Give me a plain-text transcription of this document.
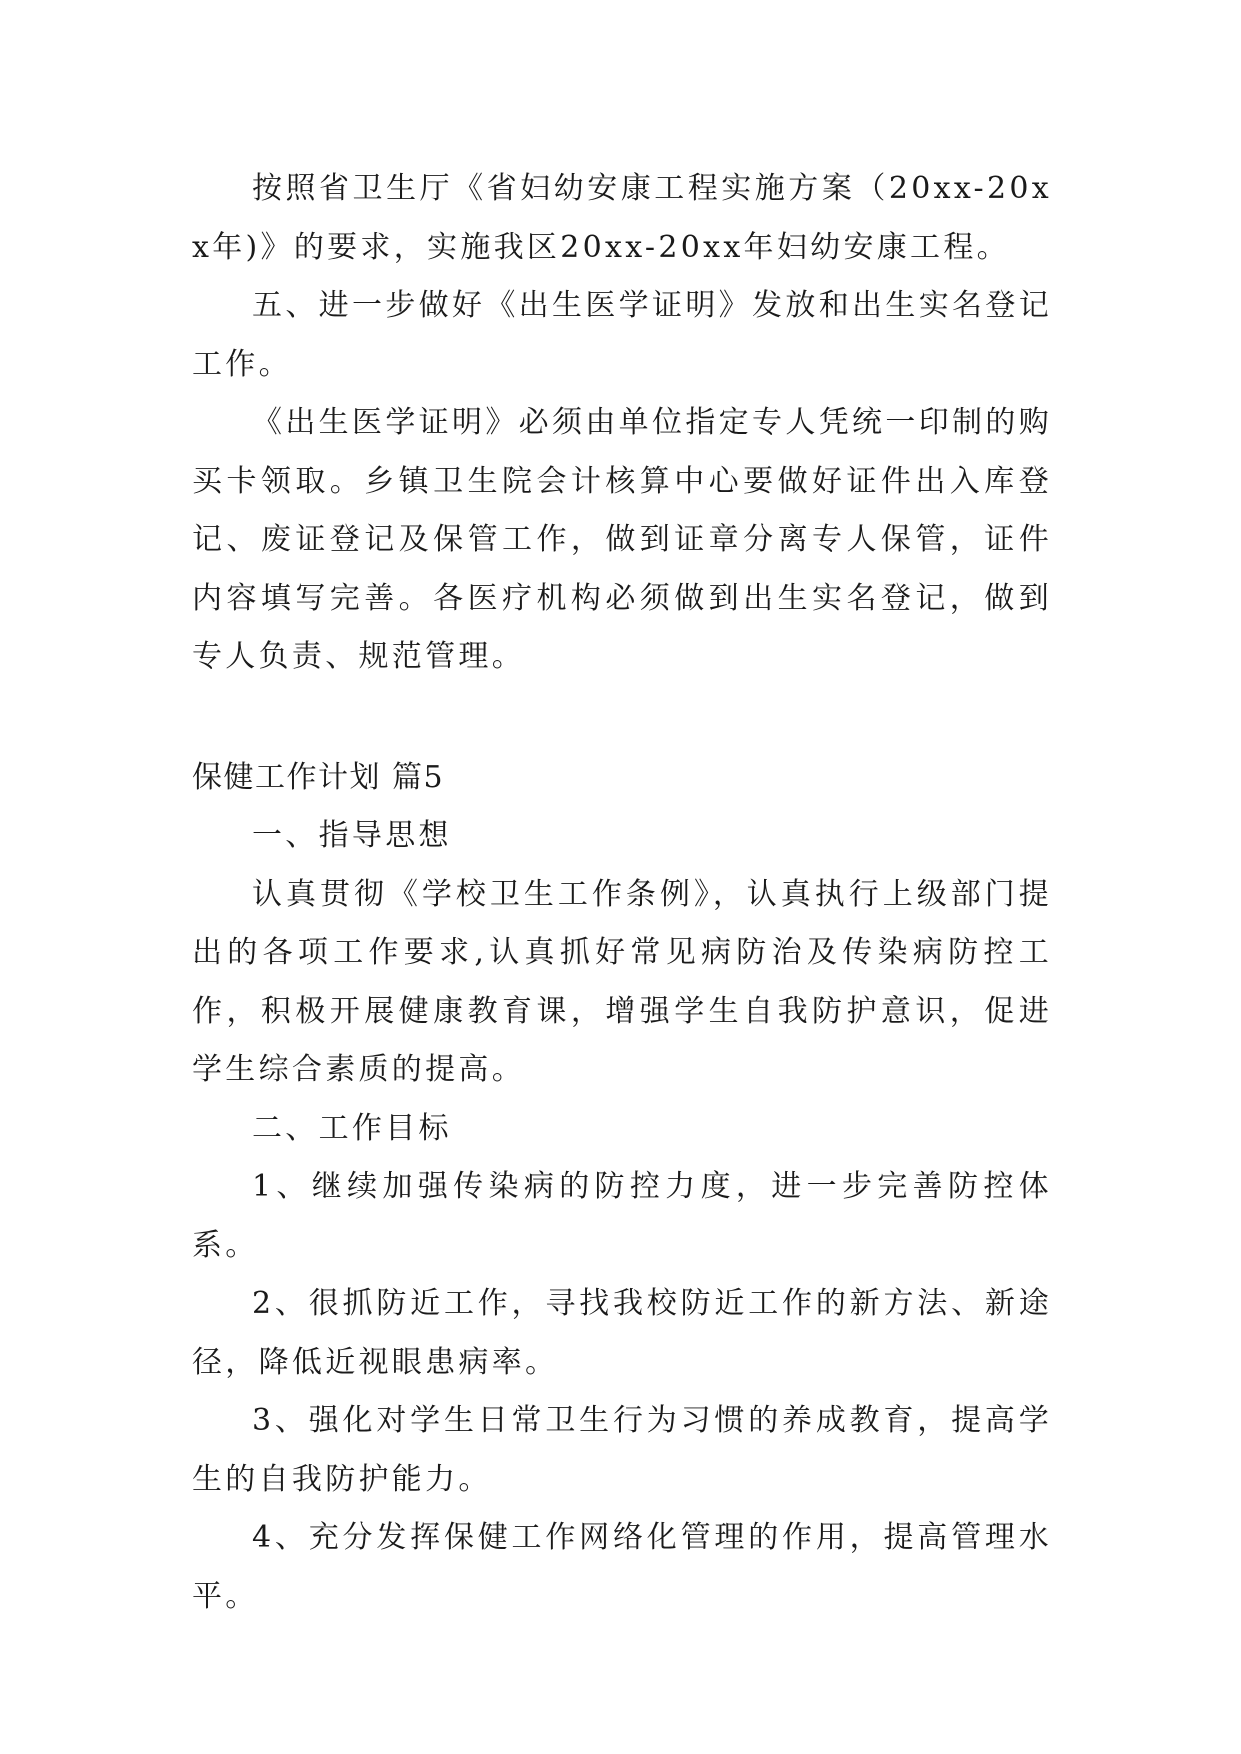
按照省卫生厅《省妇幼安康工程实施方案（20xx-20xx年)》的要求，实施我区20xx-20xx年妇幼安康工程。

五、进一步做好《出生医学证明》发放和出生实名登记工作。

《出生医学证明》必须由单位指定专人凭统一印制的购买卡领取。乡镇卫生院会计核算中心要做好证件出入库登记、废证登记及保管工作，做到证章分离专人保管，证件内容填写完善。各医疗机构必须做到出生实名登记，做到专人负责、规范管理。

保健工作计划 篇5

一、指导思想

认真贯彻《学校卫生工作条例》，认真执行上级部门提出的各项工作要求,认真抓好常见病防治及传染病防控工作，积极开展健康教育课，增强学生自我防护意识，促进学生综合素质的提高。

二、工作目标

1、继续加强传染病的防控力度，进一步完善防控体系。

2、很抓防近工作，寻找我校防近工作的新方法、新途径，降低近视眼患病率。

3、强化对学生日常卫生行为习惯的养成教育，提高学生的自我防护能力。

4、充分发挥保健工作网络化管理的作用，提高管理水平。
